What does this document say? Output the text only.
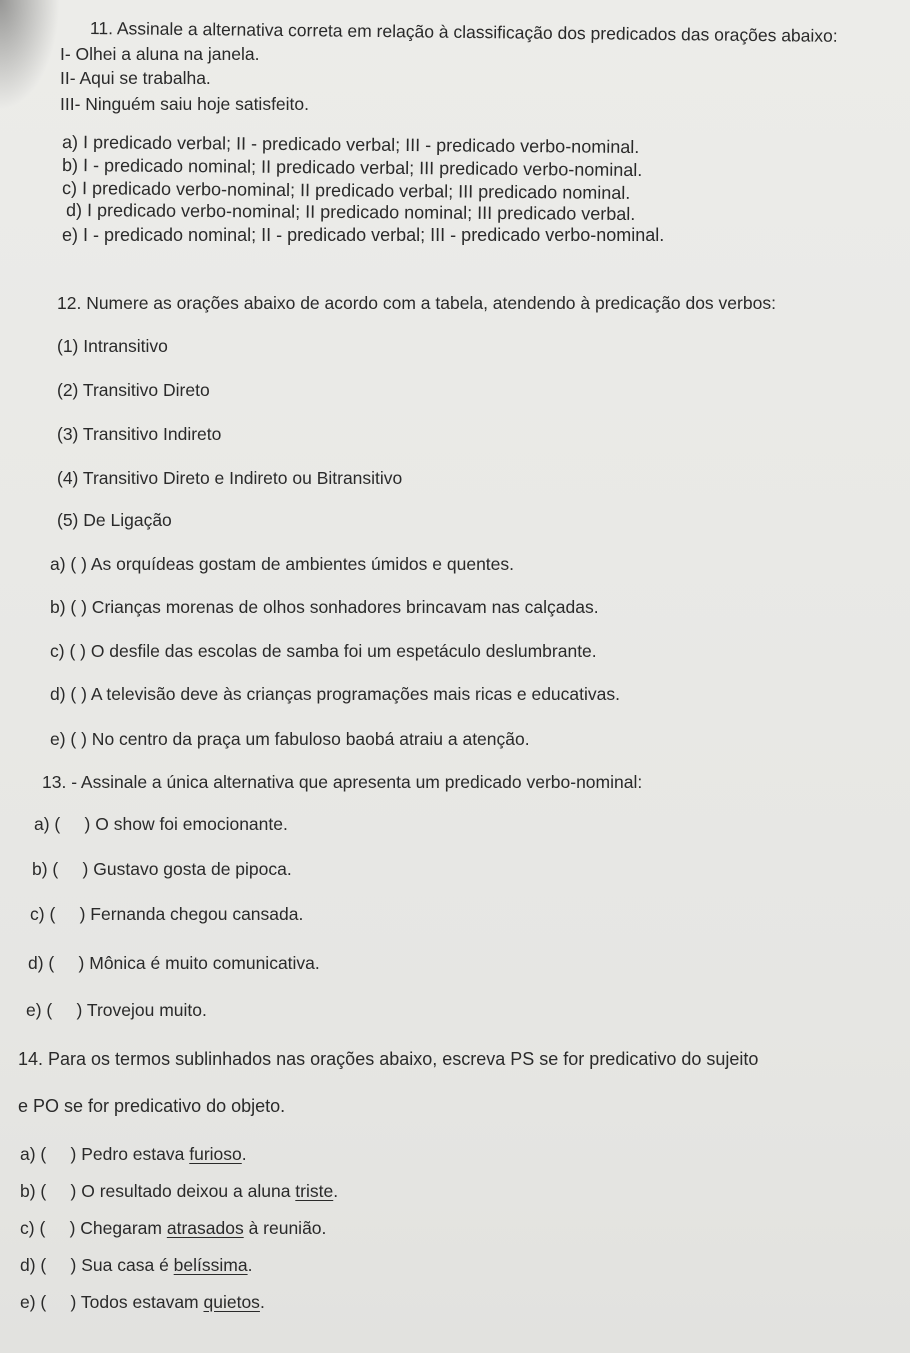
11. Assinale a alternativa correta em relação à classificação dos predicados das orações abaixo:
I- Olhei a aluna na janela.
II- Aqui se trabalha.
III- Ninguém saiu hoje satisfeito.
a) I predicado verbal; II - predicado verbal; III - predicado verbo-nominal.
b) I - predicado nominal; II predicado verbal; III predicado verbo-nominal.
c) I predicado verbo-nominal; II predicado verbal; III predicado nominal.
d) I predicado verbo-nominal; II predicado nominal; III predicado verbal.
e) I - predicado nominal; II - predicado verbal; III - predicado verbo-nominal.
12. Numere as orações abaixo de acordo com a tabela, atendendo à predicação dos verbos:
(1) Intransitivo
(2) Transitivo Direto
(3) Transitivo Indireto
(4) Transitivo Direto e Indireto ou Bitransitivo
(5) De Ligação
a) ( ) As orquídeas gostam de ambientes úmidos e quentes.
b) ( ) Crianças morenas de olhos sonhadores brincavam nas calçadas.
c) ( ) O desfile das escolas de samba foi um espetáculo deslumbrante.
d) ( ) A televisão deve às crianças programações mais ricas e educativas.
e) ( ) No centro da praça um fabuloso baobá atraiu a atenção.
13. - Assinale a única alternativa que apresenta um predicado verbo-nominal:
a) (     ) O show foi emocionante.
b) (     ) Gustavo gosta de pipoca.
c) (     ) Fernanda chegou cansada.
d) (     ) Mônica é muito comunicativa.
e) (     ) Trovejou muito.
14. Para os termos sublinhados nas orações abaixo, escreva PS se for predicativo do sujeito
e PO se for predicativo do objeto.
a) (     ) Pedro estava furioso.
b) (     ) O resultado deixou a aluna triste.
c) (     ) Chegaram atrasados à reunião.
d) (     ) Sua casa é belíssima.
e) (     ) Todos estavam quietos.
